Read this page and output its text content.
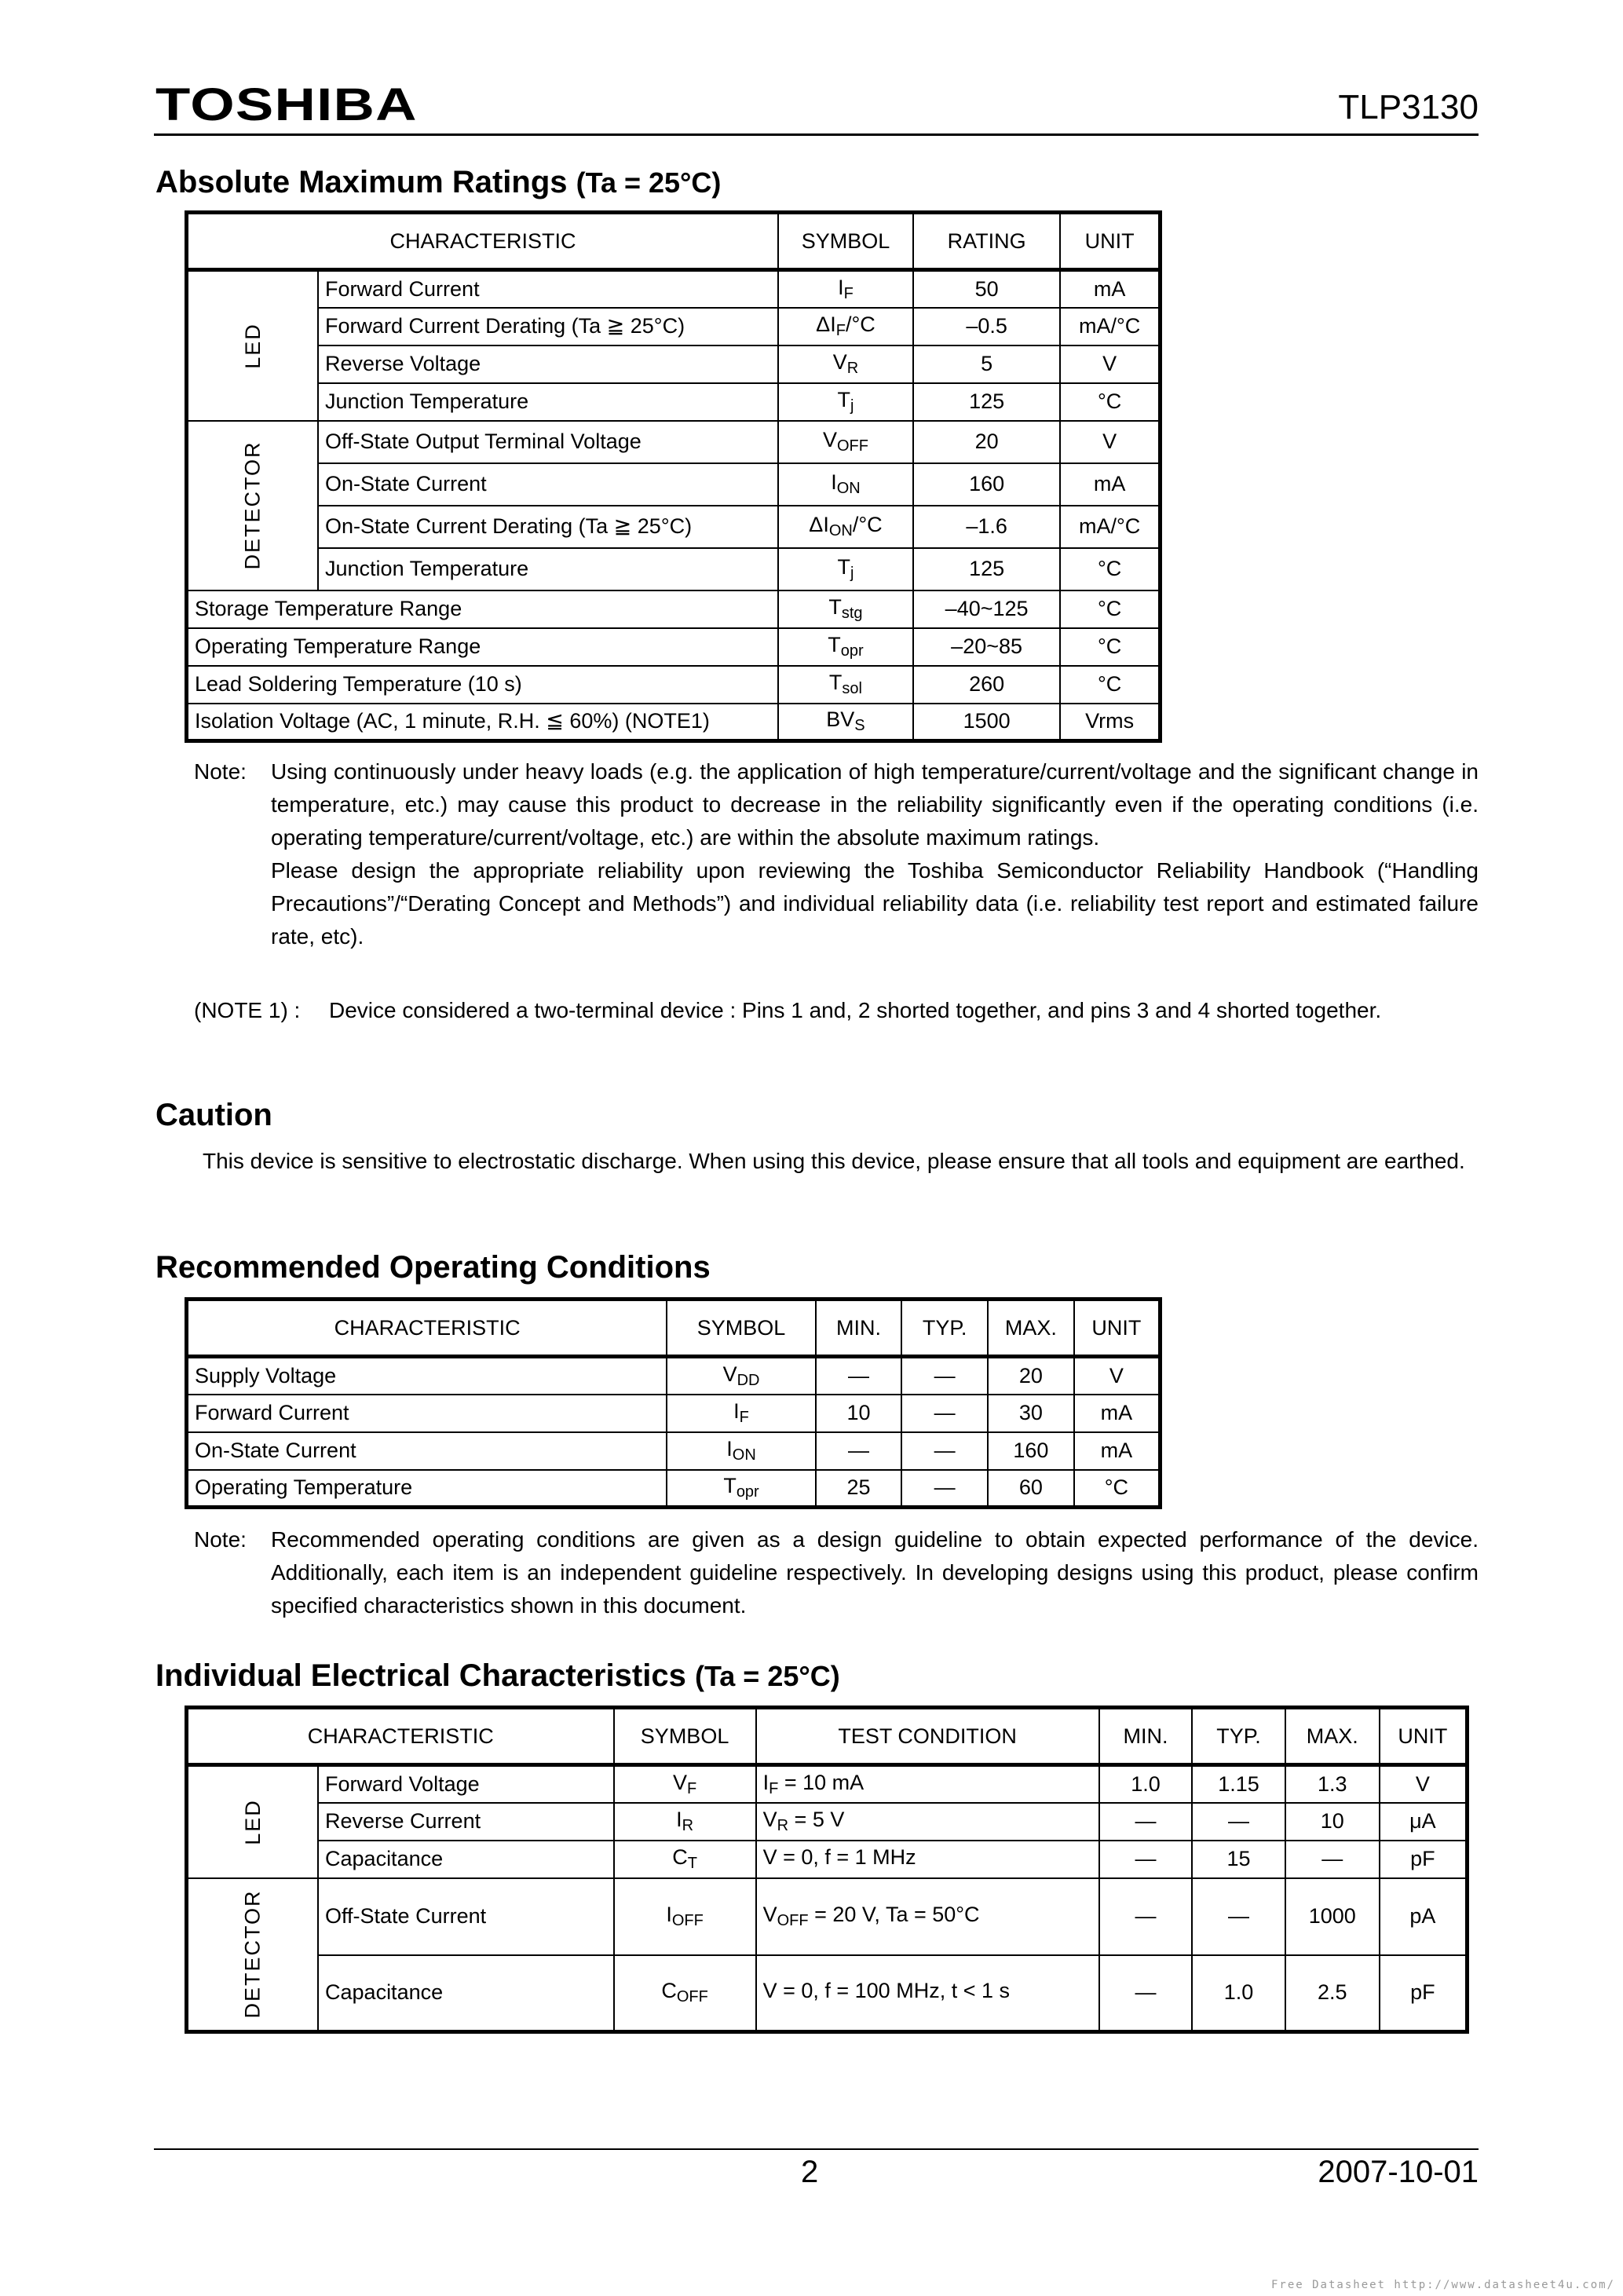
TOSHIBA	TLP3130
Absolute Maximum Ratings (Ta = 25°C)
CHARACTERISTIC		SYMBOL	RATING	UNIT
LED	Forward Current	$I_F$	50	mA
	Forward Current Derating (Ta ≧ 25°C)	$\Delta I_F/^\circ C$	–0.5	mA/°C
	Reverse Voltage	$V_R$	5	V
	Junction Temperature	$T_j$	125	°C
DETECTOR	Off-State Output Terminal Voltage	$V_{OFF}$	20	V
	On-State Current	$I_{ON}$	160	mA
	On-State Current Derating (Ta ≧ 25°C)	$\Delta I_{ON}/^\circ C$	–1.6	mA/°C
	Junction Temperature	$T_j$	125	°C
Storage Temperature Range		$T_{stg}$	–40~125	°C
Operating Temperature Range		$T_{opr}$	–20~85	°C
Lead Soldering Temperature (10 s)		$T_{sol}$	260	°C
Isolation Voltage (AC, 1 minute, R.H. ≦ 60%) (NOTE1)		$BV_S$	1500	Vrms
Note: Using continuously under heavy loads (e.g. the application of high temperature/current/voltage and the significant change in temperature, etc.) may cause this product to decrease in the reliability significantly even if the operating conditions (i.e. operating temperature/current/voltage, etc.) are within the absolute maximum ratings.
Please design the appropriate reliability upon reviewing the Toshiba Semiconductor Reliability Handbook (“Handling Precautions”/“Derating Concept and Methods”) and individual reliability data (i.e. reliability test report and estimated failure rate, etc).
(NOTE 1) : Device considered a two-terminal device : Pins 1 and, 2 shorted together, and pins 3 and 4 shorted together.
Caution
This device is sensitive to electrostatic discharge. When using this device, please ensure that all tools and equipment are earthed.
Recommended Operating Conditions
CHARACTERISTIC	SYMBOL	MIN.	TYP.	MAX.	UNIT
Supply Voltage	$V_{DD}$	—	—	20	V
Forward Current	$I_F$	10	—	30	mA
On-State Current	$I_{ON}$	—	—	160	mA
Operating Temperature	$T_{opr}$	25	—	60	°C
Note: Recommended operating conditions are given as a design guideline to obtain expected performance of the device. Additionally, each item is an independent guideline respectively. In developing designs using this product, please confirm specified characteristics shown in this document.
Individual Electrical Characteristics (Ta = 25°C)
CHARACTERISTIC		SYMBOL	TEST CONDITION	MIN.	TYP.	MAX.	UNIT
LED	Forward Voltage	$V_F$	$I_F = 10$ mA	1.0	1.15	1.3	V
	Reverse Current	$I_R$	$V_R = 5$ V	—	—	10	μA
	Capacitance	$C_T$	V = 0, f = 1 MHz	—	15	—	pF
DETECTOR	Off-State Current	$I_{OFF}$	$V_{OFF} = 20$ V, Ta = 50°C	—	—	1000	pA
	Capacitance	$C_{OFF}$	V = 0, f = 100 MHz, t < 1 s	—	1.0	2.5	pF
2	2007-10-01
Free Datasheet http://www.datasheet4u.com/
